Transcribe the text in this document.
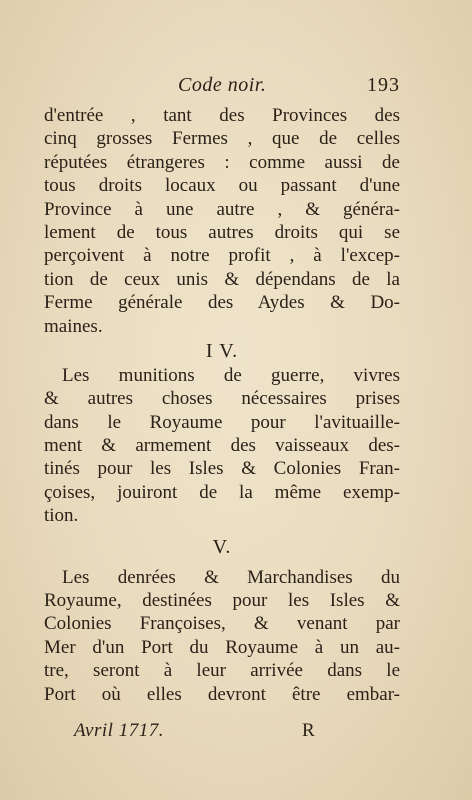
Code noir.	193
d'entrée , tant des Provinces des
cinq grosses Fermes , que de celles
réputées étrangeres : comme aussi de
tous droits locaux ou passant d'une
Province à une autre , & généra-
lement de tous autres droits qui se
perçoivent à notre profit , à l'excep-
tion de ceux unis & dépendans de la
Ferme générale des Aydes & Do-
maines.
I V.
Les munitions de guerre, vivres
& autres choses nécessaires prises
dans le Royaume pour l'avituaille-
ment & armement des vaisseaux des-
tinés pour les Isles & Colonies Fran-
çoises, jouiront de la même exemp-
tion.
V.
Les denrées & Marchandises du
Royaume, destinées pour les Isles &
Colonies Françoises, & venant par
Mer d'un Port du Royaume à un au-
tre, seront à leur arrivée dans le
Port où elles devront être embar-
Avril 1717.	R
